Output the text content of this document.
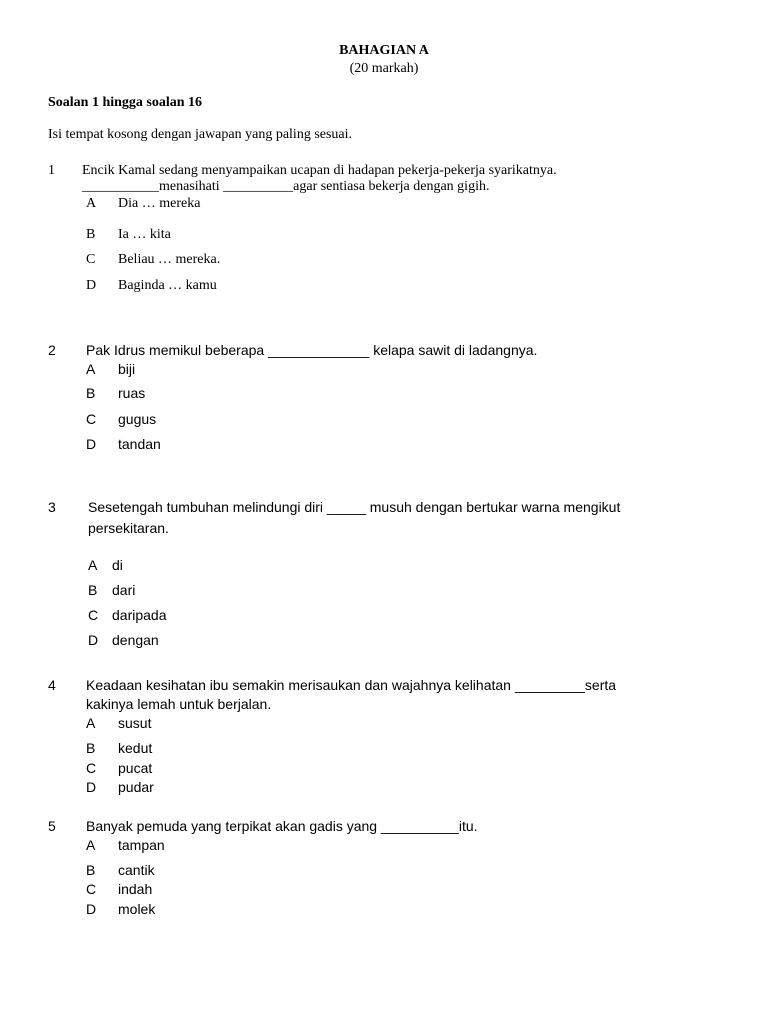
BAHAGIAN A
(20 markah)
Soalan 1 hingga soalan 16
Isi tempat kosong dengan jawapan yang paling sesuai.
1 Encik Kamal sedang menyampaikan ucapan di hadapan pekerja-pekerja syarikatnya.
___________menasihati __________agar sentiasa bekerja dengan gigih.
A Dia … mereka
B Ia … kita
C Beliau … mereka.
D Baginda … kamu
2 Pak Idrus memikul beberapa _____________ kelapa sawit di ladangnya.
A biji
B ruas
C gugus
D tandan
3 Sesetengah tumbuhan melindungi diri _____ musuh dengan bertukar warna mengikut
persekitaran.
A di
B dari
C daripada
D dengan
4 Keadaan kesihatan ibu semakin merisaukan dan wajahnya kelihatan _________serta
kakinya lemah untuk berjalan.
A susut
B kedut
C pucat
D pudar
5 Banyak pemuda yang terpikat akan gadis yang __________itu.
A tampan
B cantik
C indah
D molek
